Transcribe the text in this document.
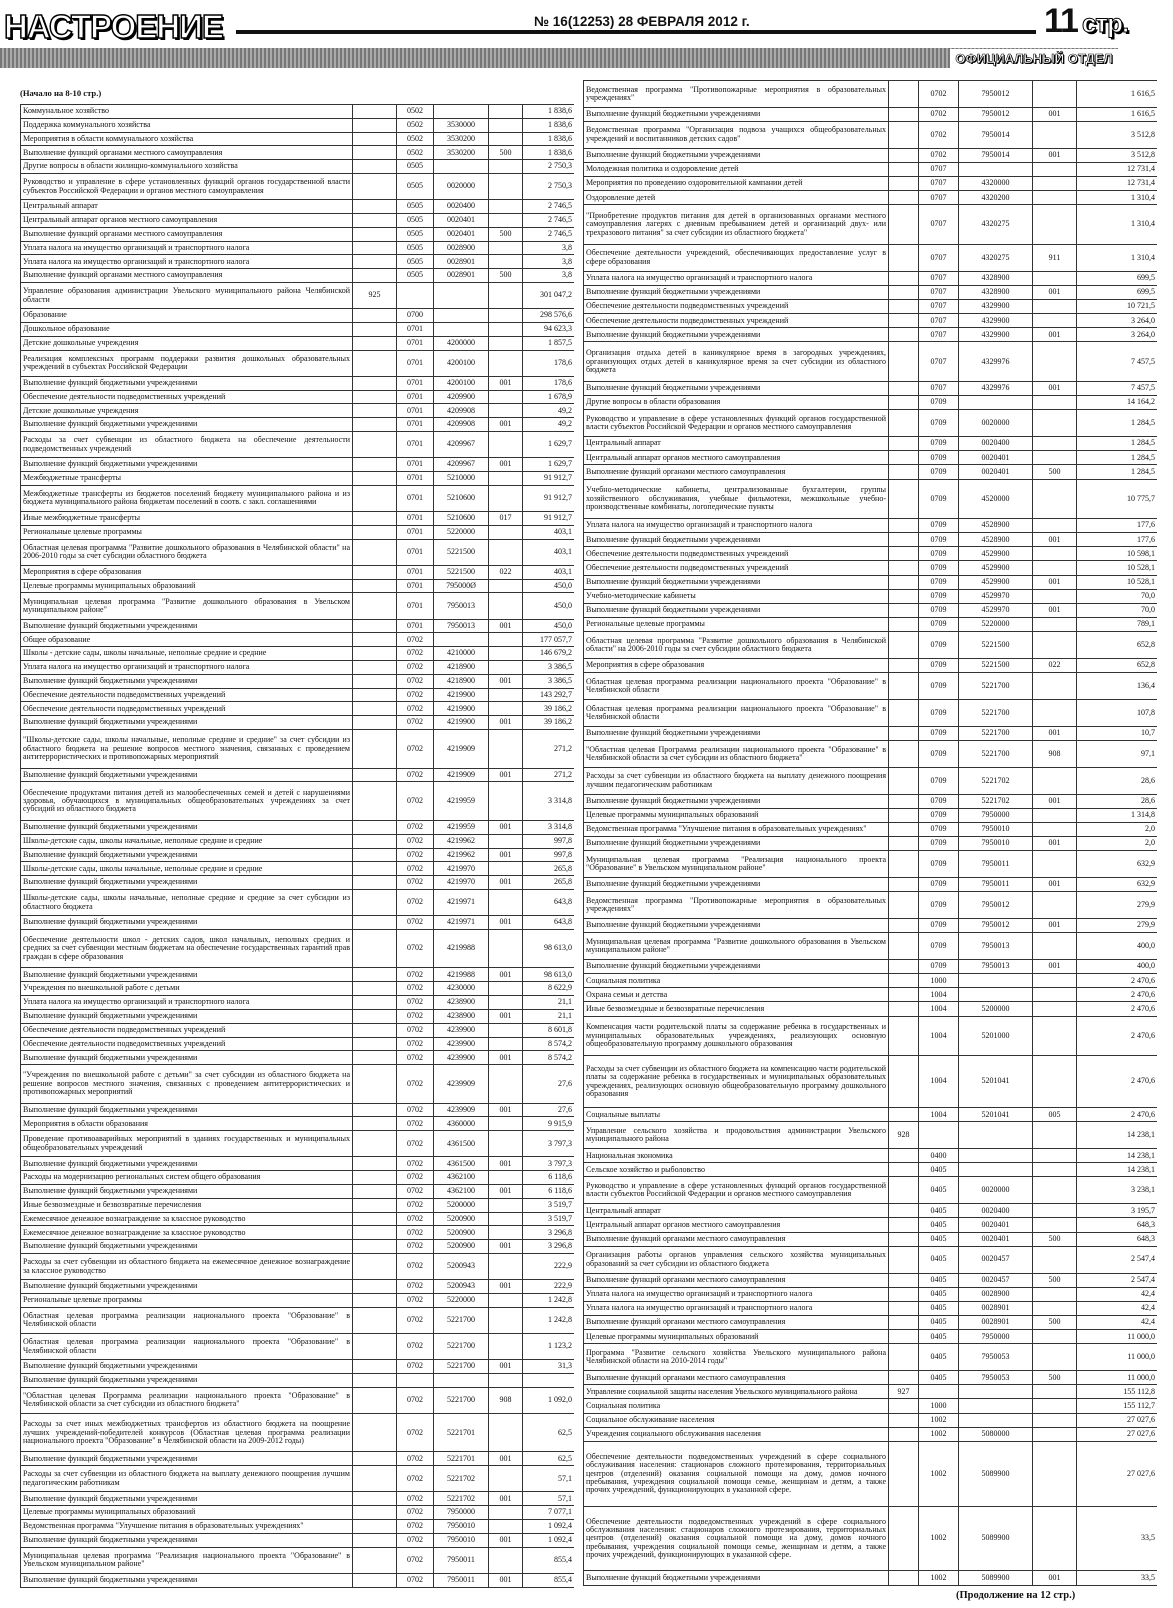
НАСТРОЕНИЕ	№ 16(12253) 28 ФЕВРАЛЯ 2012 г.	11 стр.
ОФИЦИАЛЬНЫЙ ОТДЕЛ
(Начало на 8-10 стр.)
Коммунальное хозяйство		0502				1 838,6
Поддержка коммунального хозяйства		0502	3530000			1 838,6
Мероприятия в области коммунального хозяйства		0502	3530200			1 838,6
Выполнение функций органами местного самоуправления		0502	3530200	500		1 838,6
Другие вопросы в области жилищно-коммунального хозяйства		0505				2 750,3
Руководство и управление в сфере установленных функций органов государственной власти субъектов Российской Федерации и органов местного самоуправления		0505	0020000			2 750,3
Центральный аппарат		0505	0020400			2 746,5
Центральный аппарат органов местного самоуправления		0505	0020401			2 746,5
Выполнение функций органами местного самоуправления		0505	0020401	500		2 746,5
Уплата налога на имущество организаций и транспортного налога		0505	0028900			3,8
Уплата налога на имущество организаций и транспортного налога		0505	0028901			3,8
Выполнение функций органами местного самоуправления		0505	0028901	500		3,8
Управление образования администрации Увельского муниципального района Челябинской области	925					301 047,2
Образование		0700				298 576,6
Дошкольное образование		0701				94 623,3
Детские дошкольные учреждения		0701	4200000			1 857,5
Реализация комплексных программ поддержки развития дошкольных образовательных учреждений в субъектах Российской Федерации		0701	4200100			178,6
Выполнение функций бюджетными учреждениями		0701	4200100	001		178,6
Обеспечение деятельности подведомственных учреждений		0701	4209900			1 678,9
Детские дошкольные учреждения		0701	4209908			49,2
Выполнение функций бюджетными учреждениями		0701	4209908	001		49,2
Расходы за счет субвенции из областного бюджета на обеспечение деятельности подведомственных учреждений		0701	4209967			1 629,7
Выполнение функций бюджетными учреждениями		0701	4209967	001		1 629,7
Межбюджетные трансферты		0701	5210000			91 912,7
Межбюджетные трансферты из бюджетов поселений бюджету муниципального района и из бюджета муниципального района бюджетам поселений в соотв. с закл. соглашениями		0701	5210600			91 912,7
Иные межбюджетные трансферты		0701	5210600	017		91 912,7
Региональные целевые программы		0701	5220000			403,1
Областная целевая программа "Развитие дошкольного образования в Челябинской области" на 2006-2010 годы за счет субсидии областного бюджета		0701	5221500			403,1
Мероприятия в сфере образования		0701	5221500	022		403,1
Целевые программы муниципальных образований		0701	795000Ø			450,0
Муниципальная целевая программа "Развитие дошкольного образования в Увельском муниципальном районе"		0701	7950013			450,0
Выполнение функций бюджетными учреждениями		0701	7950013	001		450,0
Общее образование		0702				177 057,7
Школы - детские сады, школы начальные, неполные средние и средние		0702	4210000			146 679,2
Уплата налога на имущество организаций и транспортного налога		0702	4218900			3 386,5
Выполнение функций бюджетными учреждениями		0702	4218900	001		3 386,5
Обеспечение деятельности подведомственных учреждений		0702	4219900			143 292,7
Обеспечение деятельности подведомственных учреждений		0702	4219900			39 186,2
Выполнение функций бюджетными учреждениями		0702	4219900	001		39 186,2
"Школы-детские сады, школы начальные, неполные средние и средние" за счет субсидии из областного бюджета на решение вопросов местного значения, связанных с проведением антитеррористических и противопожарных мероприятий		0702	4219909			271,2
Выполнение функций бюджетными учреждениями		0702	4219909	001		271,2
Обеспечение продуктами питания детей из малообеспеченных семей и детей с нарушениями здоровья, обучающихся в муниципальных общеобразовательных учреждениях за счет субсидий из областного бюджета		0702	4219959			3 314,8
Выполнение функций бюджетными учреждениями		0702	4219959	001		3 314,8
Школы-детские сады, школы начальные, неполные средние и средние		0702	4219962			997,8
Выполнение функций бюджетными учреждениями		0702	4219962	001		997,8
Школы-детские сады, школы начальные, неполные средние и средние		0702	4219970			265,8
Выполнение функций бюджетными учреждениями		0702	4219970	001		265,8
Школы-детские сады, школы начальные, неполные средние и средние за счет субсидии из областного бюджета		0702	4219971			643,8
Выполнение функций бюджетными учреждениями		0702	4219971	001		643,8
Обеспечение деятельности школ - детских садов, школ начальных, неполных средних и средних за счет субвенции местным бюджетам на обеспечение государственных гарантий прав граждан в сфере образования		0702	4219988			98 613,0
Выполнение функций бюджетными учреждениями		0702	4219988	001		98 613,0
Учреждения по внешкольной работе с детьми		0702	4230000			8 622,9
Уплата налога на имущество организаций и транспортного налога		0702	4238900			21,1
Выполнение функций бюджетными учреждениями		0702	4238900	001		21,1
Обеспечение деятельности подведомственных учреждений		0702	4239900			8 601,8
Обеспечение деятельности подведомственных учреждений		0702	4239900			8 574,2
Выполнение функций бюджетными учреждениями		0702	4239900	001		8 574,2
"Учреждения по внешкольной работе с детьми" за счет субсидии из областного бюджета на решение вопросов местного значения, связанных с проведением антитеррористических и противопожарных мероприятий		0702	4239909			27,6
Выполнение функций бюджетными учреждениями		0702	4239909	001		27,6
Мероприятия в области образования		0702	4360000			9 915,9
Проведение противоаварийных мероприятий в зданиях государственных и муниципальных общеобразовательных учреждений		0702	4361500			3 797,3
Выполнение функций бюджетными учреждениями		0702	4361500	001		3 797,3
Расходы на модернизацию региональных систем общего образования		0702	4362100			6 118,6
Выполнение функций бюджетными учреждениями		0702	4362100	001		6 118,6
Иные безвозмездные и безвозвратные перечисления		0702	5200000			3 519,7
Ежемесячное денежное вознаграждение за классное руководство		0702	5200900			3 519,7
Ежемесячное денежное вознаграждение за классное руководство		0702	5200900			3 296,8
Выполнение функций бюджетными учреждениями		0702	5200900	001		3 296,8
Расходы за счет субвенции из областного бюджета на ежемесячное денежное вознаграждение за классное руководство		0702	5200943			222,9
Выполнение функций бюджетными учреждениями		0702	5200943	001		222,9
Региональные целевые программы		0702	5220000			1 242,8
Областная целевая программа реализации национального проекта "Образование" в Челябинской области		0702	5221700			1 242,8
Областная целевая программа реализации национального проекта "Образование" в Челябинской области		0702	5221700			1 123,2
Выполнение функций бюджетными учреждениями		0702	5221700	001		31,3
Выполнение функций бюджетными учреждениями						
"Областная целевая Программа реализации национального проекта "Образование" в Челябинской области за счет субсидии из областного бюджета"		0702	5221700	908		1 092,0
Расходы за счет иных межбюджетных трансфертов из областного бюджета на поощрение лучших учреждений-победителей конкурсов (Областная целевая программа реализации национального проекта "Образование" в Челябинской области на 2009-2012 годы)		0702	5221701			62,5
Выполнение функций бюджетными учреждениями		0702	5221701	001		62,5
Расходы за счет субвенции из областного бюджета на выплату денежного поощрения лучшим педагогическим работникам		0702	5221702			57,1
Выполнение функций бюджетными учреждениями		0702	5221702	001		57,1
Целевые программы муниципальных образований		0702	7950000			7 077,1
Ведомственная программа "Улучшение питания в образовательных учреждениях"		0702	7950010			1 092,4
Выполнение функций бюджетными учреждениями		0702	7950010	001		1 092,4
Муниципальная целевая программа "Реализация национального проекта "Образование" в Увельском муниципальном районе"		0702	7950011			855,4
Выполнение функций бюджетными учреждениями		0702	7950011	001		855,4
Ведомственная программа "Противопожарные мероприятия в образовательных учреждениях"		0702	7950012			1 616,5
Выполнение функций бюджетными учреждениями		0702	7950012	001		1 616,5
Ведомственная программа "Организация подвоза учащихся общеобразовательных учреждений и воспитанников детских садов"		0702	7950014			3 512,8
Выполнение функций бюджетными учреждениями		0702	7950014	001		3 512,8
Молодежная политика и оздоровление детей		0707				12 731,4
Мероприятия по проведению оздоровительной кампании детей		0707	4320000			12 731,4
Оздоровление детей		0707	4320200			1 310,4
"Приобретение продуктов питания для детей в организованных органами местного самоуправления лагерях с дневным пребыванием детей и организаций двух- или трехразового питания" за счет субсидии из областного бюджета"		0707	4320275			1 310,4
Обеспечение деятельности учреждений, обеспечивающих предоставление услуг в сфере образования		0707	4320275	911		1 310,4
Уплата налога на имущество организаций и транспортного налога		0707	4328900			699,5
Выполнение функций бюджетными учреждениями		0707	4328900	001		699,5
Обеспечение деятельности подведомственных учреждений		0707	4329900			10 721,5
Обеспечение деятельности подведомственных учреждений		0707	4329900			3 264,0
Выполнение функций бюджетными учреждениями		0707	4329900	001		3 264,0
Организация отдыха детей в каникулярное время в загородных учреждениях, организующих отдых детей в каникулярное время за счет субсидии из областного бюджета		0707	4329976			7 457,5
Выполнение функций бюджетными учреждениями		0707	4329976	001		7 457,5
Другие вопросы в области образования		0709				14 164,2
Руководство и управление в сфере установленных функций органов государственной власти субъектов Российской Федерации и органов местного самоуправления		0709	0020000			1 284,5
Центральный аппарат		0709	0020400			1 284,5
Центральный аппарат органов местного самоуправления		0709	0020401			1 284,5
Выполнение функций органами местного самоуправления		0709	0020401	500		1 284,5
Учебно-методические кабинеты, централизованные бухгалтерии, группы хозяйственного обслуживания, учебные фильмотеки, межшкольные учебно-производственные комбинаты, логопедические пункты		0709	4520000			10 775,7
Уплата налога на имущество организаций и транспортного налога		0709	4528900			177,6
Выполнение функций бюджетными учреждениями		0709	4528900	001		177,6
Обеспечение деятельности подведомственных учреждений		0709	4529900			10 598,1
Обеспечение деятельности подведомственных учреждений		0709	4529900			10 528,1
Выполнение функций бюджетными учреждениями		0709	4529900	001		10 528,1
Учебно-методические кабинеты		0709	4529970			70,0
Выполнение функций бюджетными учреждениями		0709	4529970	001		70,0
Региональные целевые программы		0709	5220000			789,1
Областная целевая программа "Развитие дошкольного образования в Челябинской области" на 2006-2010 годы за счет субсидии областного бюджета		0709	5221500			652,8
Мероприятия в сфере образования		0709	5221500	022		652,8
Областная целевая программа реализации национального проекта "Образование" в Челябинской области		0709	5221700			136,4
Областная целевая программа реализации национального проекта "Образование" в Челябинской области		0709	5221700			107,8
Выполнение функций бюджетными учреждениями		0709	5221700	001		10,7
"Областная целевая Программа реализации национального проекта "Образование" в Челябинской области за счет субсидии из областного бюджета"		0709	5221700	908		97,1
Расходы за счет субвенции из областного бюджета на выплату денежного поощрения лучшим педагогическим работникам		0709	5221702			28,6
Выполнение функций бюджетными учреждениями		0709	5221702	001		28,6
Целевые программы муниципальных образований		0709	7950000			1 314,8
Ведомственная программа "Улучшение питания в образовательных учреждениях"		0709	7950010			2,0
Выполнение функций бюджетными учреждениями		0709	7950010	001		2,0
Муниципальная целевая программа "Реализация национального проекта "Образование" в Увельском муниципальном районе"		0709	7950011			632,9
Выполнение функций бюджетными учреждениями		0709	7950011	001		632,9
Ведомственная программа "Противопожарные мероприятия в образовательных учреждениях"		0709	7950012			279,9
Выполнение функций бюджетными учреждениями		0709	7950012	001		279,9
Муниципальная целевая программа "Развитие дошкольного образования в Увельском муниципальном районе"		0709	7950013			400,0
Выполнение функций бюджетными учреждениями		0709	7950013	001		400,0
Социальная политика		1000				2 470,6
Охрана семьи и детства		1004				2 470,6
Иные безвозмездные и безвозвратные перечисления		1004	5200000			2 470,6
Компенсация части родительской платы за содержание ребенка в государственных и муниципальных образовательных учреждениях, реализующих основную общеобразовательную программу дошкольного образования		1004	5201000			2 470,6
Расходы за счет субвенции из областного бюджета на компенсацию части родительской платы за содержание ребенка в государственных и муниципальных образовательных учреждениях, реализующих основную общеобразовательную программу дошкольного образования		1004	5201041			2 470,6
Социальные выплаты		1004	5201041	005		2 470,6
Управление сельского хозяйства и продовольствия администрации Увельского муниципального района	928					14 238,1
Национальная экономика		0400				14 238,1
Сельское хозяйство и рыболовство		0405				14 238,1
Руководство и управление в сфере установленных функций органов государственной власти субъектов Российской Федерации и органов местного самоуправления		0405	0020000			3 238,1
Центральный аппарат		0405	0020400			3 195,7
Центральный аппарат органов местного самоуправления		0405	0020401			648,3
Выполнение функций органами местного самоуправления		0405	0020401	500		648,3
Организация работы органов управления сельского хозяйства муниципальных образований за счет субсидии из областного бюджета		0405	0020457			2 547,4
Выполнение функций органами местного самоуправления		0405	0020457	500		2 547,4
Уплата налога на имущество организаций и транспортного налога		0405	0028900			42,4
Уплата налога на имущество организаций и транспортного налога		0405	0028901			42,4
Выполнение функций органами местного самоуправления		0405	0028901	500		42,4
Целевые программы муниципальных образований		0405	7950000			11 000,0
Программа "Развитие сельского хозяйства Увельского муниципального района Челябинской области на 2010-2014 годы"		0405	7950053			11 000,0
Выполнение функций органами местного самоуправления		0405	7950053	500		11 000,0
Управление социальной защиты населения Увельского муниципального района	927					155 112,8
Социальная политика		1000				155 112,7
Социальное обслуживание населения		1002				27 027,6
Учреждения социального обслуживания населения		1002	5080000			27 027,6
Обеспечение деятельности подведомственных учреждений в сфере социального обслуживания населения: стационаров сложного протезирования, территориальных центров (отделений) оказания социальной помощи на дому, домов ночного пребывания, учреждения социальной помощи семье, женщинам и детям, а также прочих учреждений, функционирующих в указанной сфере.		1002	5089900			27 027,6
Обеспечение деятельности подведомственных учреждений в сфере социального обслуживания населения: стационаров сложного протезирования, территориальных центров (отделений) оказания социальной помощи на дому, домов ночного пребывания, учреждения социальной помощи семье, женщинам и детям, а также прочих учреждений, функционирующих в указанной сфере.		1002	5089900			33,5
Выполнение функций бюджетными учреждениями		1002	5089900	001		33,5
(Продолжение на 12 стр.)
